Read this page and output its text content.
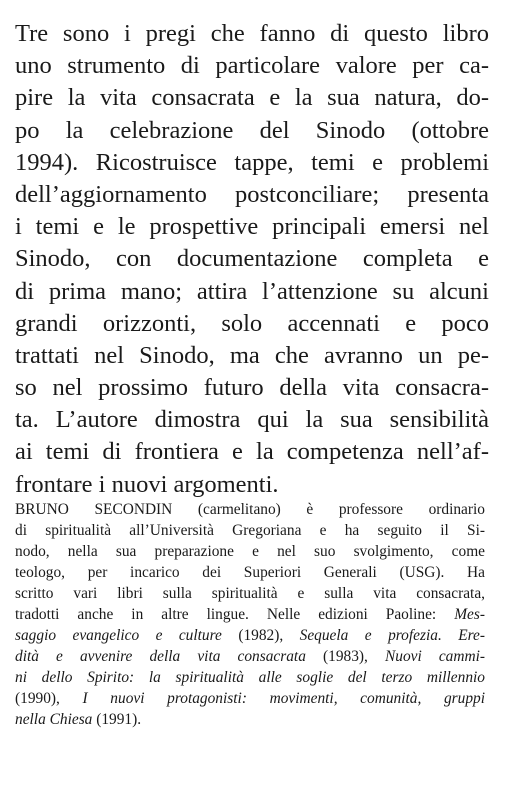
Tre sono i pregi che fanno di questo libro
uno strumento di particolare valore per ca-
pire la vita consacrata e la sua natura, do-
po la celebrazione del Sinodo (ottobre
1994). Ricostruisce tappe, temi e problemi
dell’aggiornamento postconciliare; presenta
i temi e le prospettive principali emersi nel
Sinodo, con documentazione completa e
di prima mano; attira l’attenzione su alcuni
grandi orizzonti, solo accennati e poco
trattati nel Sinodo, ma che avranno un pe-
so nel prossimo futuro della vita consacra-
ta. L’autore dimostra qui la sua sensibilità
ai temi di frontiera e la competenza nell’af-
frontare i nuovi argomenti.
BRUNO SECONDIN (carmelitano) è professore ordinario
di spiritualità all’Università Gregoriana e ha seguito il Si-
nodo, nella sua preparazione e nel suo svolgimento, come
teologo, per incarico dei Superiori Generali (USG). Ha
scritto vari libri sulla spiritualità e sulla vita consacrata,
tradotti anche in altre lingue. Nelle edizioni Paoline: Mes-
saggio evangelico e culture (1982), Sequela e profezia. Ere-
dità e avvenire della vita consacrata (1983), Nuovi cammi-
ni dello Spirito: la spiritualità alle soglie del terzo millennio
(1990), I nuovi protagonisti: movimenti, comunità, gruppi
nella Chiesa (1991).
